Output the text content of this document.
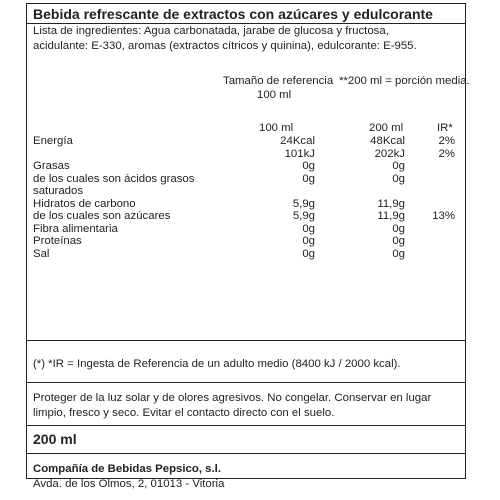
Bebida refrescante de extractos con azúcares y edulcorante
Lista de ingredientes: Agua carbonatada, jarabe de glucosa y fructosa,
acidulante: E-330, aromas (extractos cítricos y quinina), edulcorante: E-955.
Tamaño de referencia **200 ml = porción media.
100 ml
100 ml	200 ml	IR*
Energía	24Kcal	48Kcal	2%
101kJ	202kJ	2%
Grasas	0g	0g
de los cuales son ácidos grasos	0g	0g
saturados
Hidratos de carbono	5,9g	11,9g
de los cuales son azúcares	5,9g	11,9g 13%
Fibra alimentaria	0g	0g
Proteínas	0g	0g
Sal	0g	0g
(*) *IR = Ingesta de Referencia de un adulto medio (8400 kJ / 2000 kcal).
Proteger de la luz solar y de olores agresivos. No congelar. Conservar en lugar
limpio, fresco y seco. Evitar el contacto directo con el suelo.
200 ml
Compañía de Bebidas Pepsico, s.l.
Avda. de los Olmos, 2, 01013 - Vitoria
